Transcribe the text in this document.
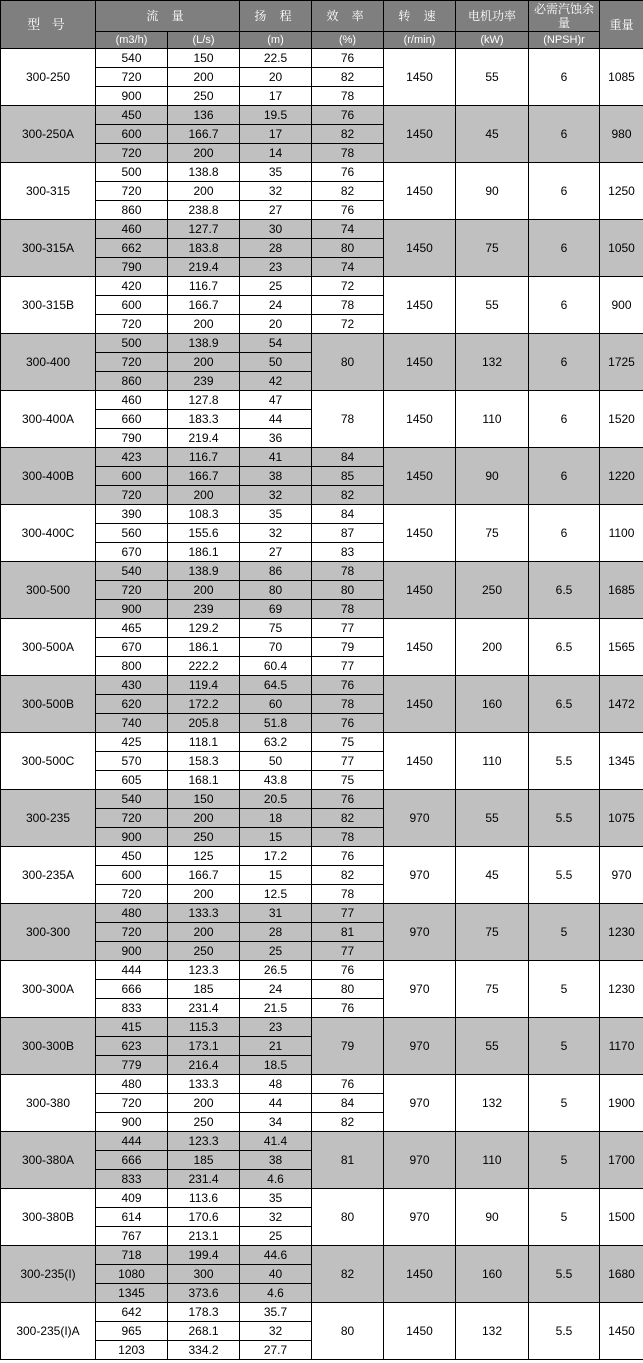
型 号	流 量		扬 程	效 率	转 速	电机功率	必需汽蚀余量	重量
	(m3/h)	(L/s)	(m)	(%)	(r/min)	(kW)	(NPSH)r	
300-250	540	150	22.5	76	1450	55	6	1085
	720	200	20	82				
	900	250	17	78				
300-250A	450	136	19.5	76	1450	45	6	980
	600	166.7	17	82				
	720	200	14	78				
300-315	500	138.8	35	76	1450	90	6	1250
	720	200	32	82				
	860	238.8	27	76				
300-315A	460	127.7	30	74	1450	75	6	1050
	662	183.8	28	80				
	790	219.4	23	74				
300-315B	420	116.7	25	72	1450	55	6	900
	600	166.7	24	78				
	720	200	20	72				
300-400	500	138.9	54	80	1450	132	6	1725
	720	200	50					
	860	239	42					
300-400A	460	127.8	47	78	1450	110	6	1520
	660	183.3	44					
	790	219.4	36					
300-400B	423	116.7	41	84	1450	90	6	1220
	600	166.7	38	85				
	720	200	32	82				
300-400C	390	108.3	35	84	1450	75	6	1100
	560	155.6	32	87				
	670	186.1	27	83				
300-500	540	138.9	86	78	1450	250	6.5	1685
	720	200	80	80				
	900	239	69	78				
300-500A	465	129.2	75	77	1450	200	6.5	1565
	670	186.1	70	79				
	800	222.2	60.4	77				
300-500B	430	119.4	64.5	76	1450	160	6.5	1472
	620	172.2	60	78				
	740	205.8	51.8	76				
300-500C	425	118.1	63.2	75	1450	110	5.5	1345
	570	158.3	50	77				
	605	168.1	43.8	75				
300-235	540	150	20.5	76	970	55	5.5	1075
	720	200	18	82				
	900	250	15	78				
300-235A	450	125	17.2	76	970	45	5.5	970
	600	166.7	15	82				
	720	200	12.5	78				
300-300	480	133.3	31	77	970	75	5	1230
	720	200	28	81				
	900	250	25	77				
300-300A	444	123.3	26.5	76	970	75	5	1230
	666	185	24	80				
	833	231.4	21.5	76				
300-300B	415	115.3	23	79	970	55	5	1170
	623	173.1	21					
	779	216.4	18.5					
300-380	480	133.3	48	76	970	132	5	1900
	720	200	44	84				
	900	250	34	82				
300-380A	444	123.3	41.4	81	970	110	5	1700
	666	185	38					
	833	231.4	4.6					
300-380B	409	113.6	35	80	970	90	5	1500
	614	170.6	32					
	767	213.1	25					
300-235(I)	718	199.4	44.6	82	1450	160	5.5	1680
	1080	300	40					
	1345	373.6	4.6					
300-235(I)A	642	178.3	35.7	80	1450	132	5.5	1450
	965	268.1	32					
	1203	334.2	27.7					
